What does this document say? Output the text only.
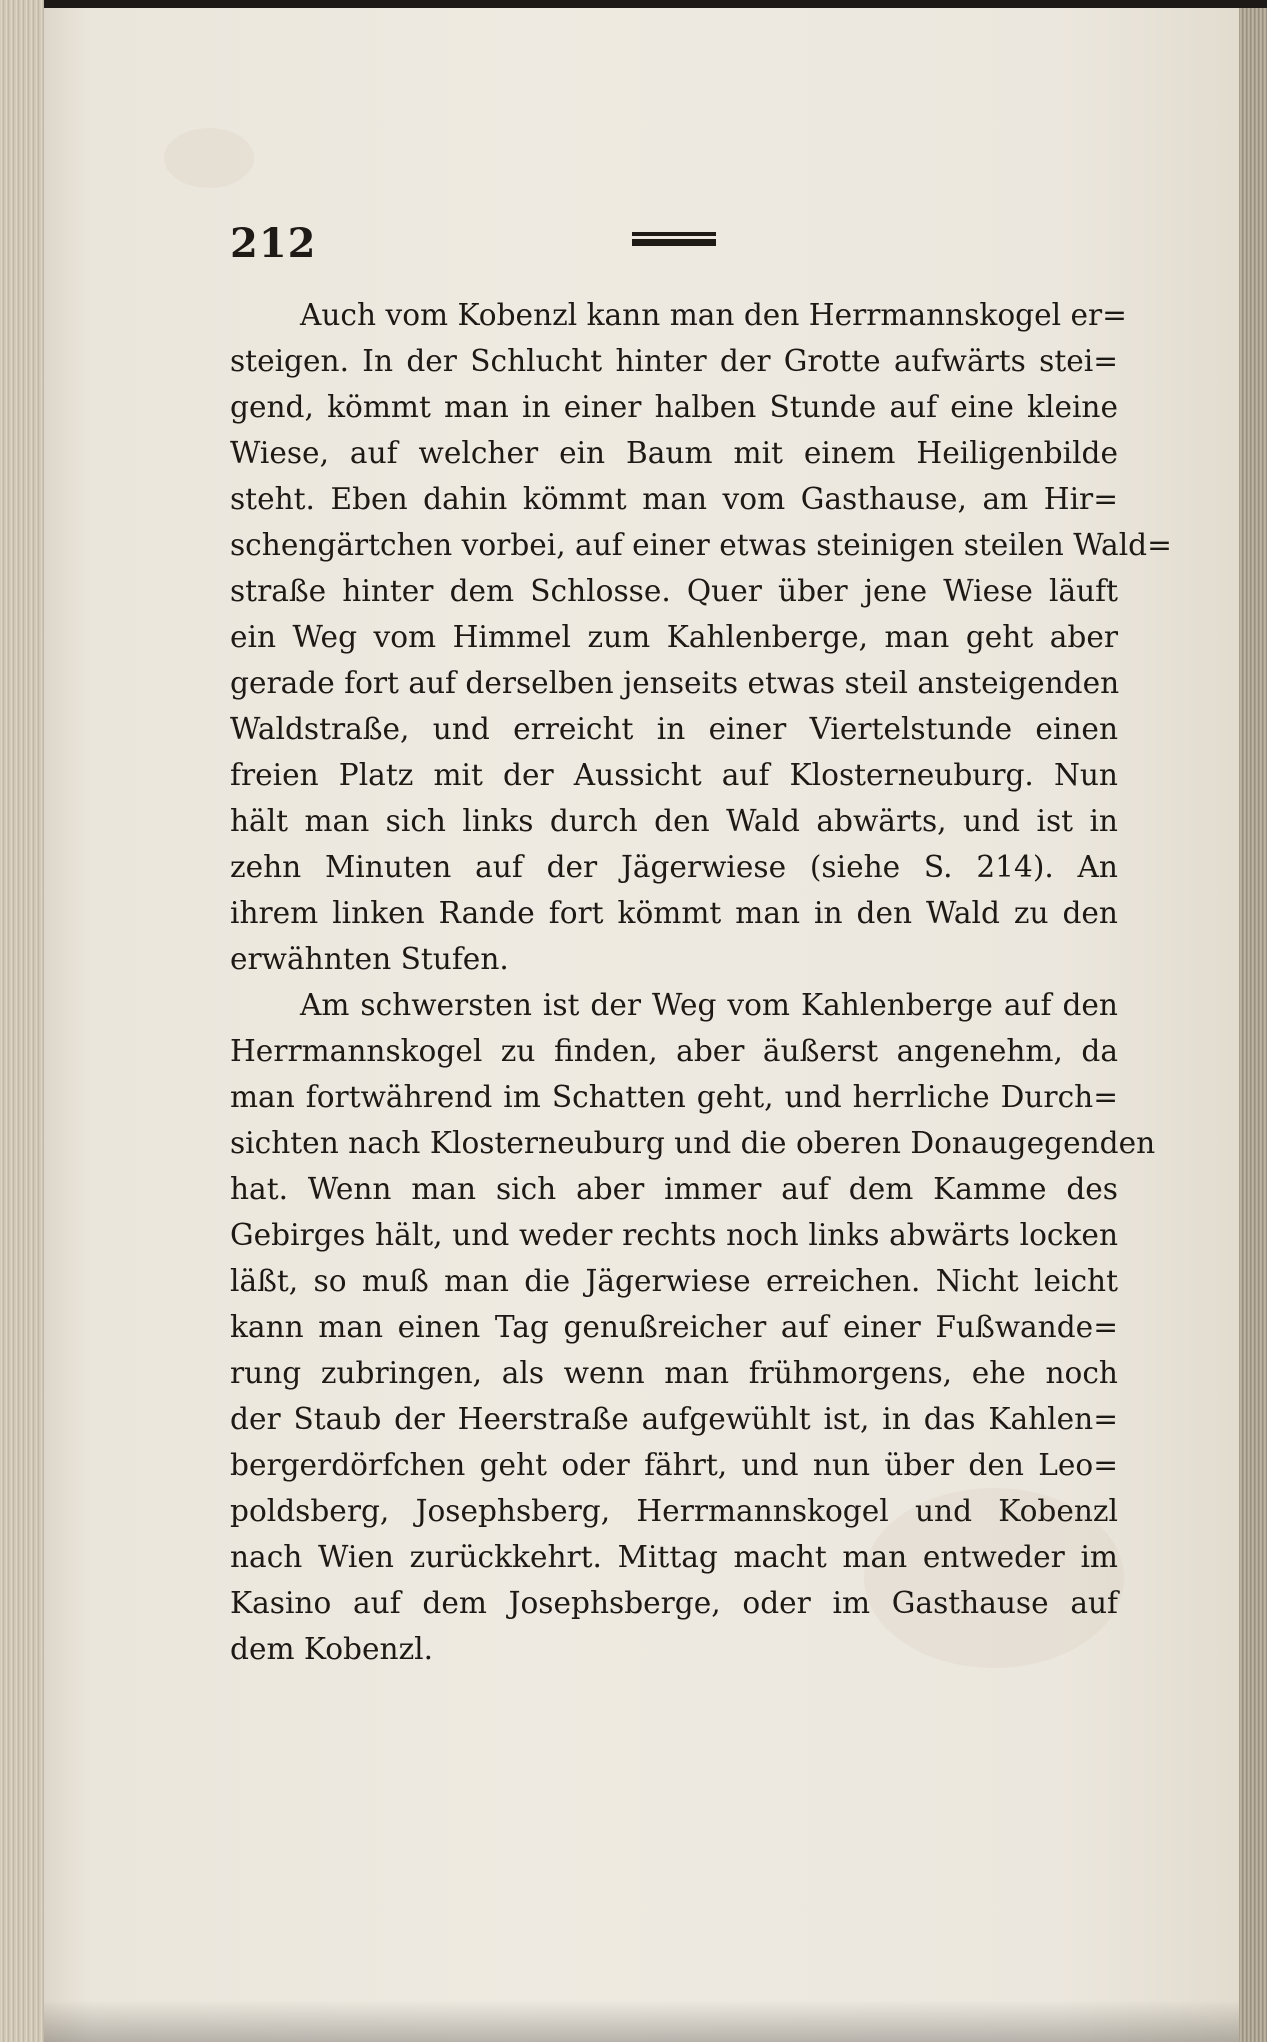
212
Auch vom Kobenzl kann man den Herrmannskogel er=
steigen. In der Schlucht hinter der Grotte aufwärts stei=
gend, kömmt man in einer halben Stunde auf eine kleine
Wiese, auf welcher ein Baum mit einem Heiligenbilde
steht. Eben dahin kömmt man vom Gasthause, am Hir=
schengärtchen vorbei, auf einer etwas steinigen steilen Wald=
straße hinter dem Schlosse. Quer über jene Wiese läuft
ein Weg vom Himmel zum Kahlenberge, man geht aber
gerade fort auf derselben jenseits etwas steil ansteigenden
Waldstraße, und erreicht in einer Viertelstunde einen
freien Platz mit der Aussicht auf Klosterneuburg. Nun
hält man sich links durch den Wald abwärts, und ist in
zehn Minuten auf der Jägerwiese (siehe S. 214). An
ihrem linken Rande fort kömmt man in den Wald zu den
erwähnten Stufen.
Am schwersten ist der Weg vom Kahlenberge auf den
Herrmannskogel zu finden, aber äußerst angenehm, da
man fortwährend im Schatten geht, und herrliche Durch=
sichten nach Klosterneuburg und die oberen Donaugegenden
hat. Wenn man sich aber immer auf dem Kamme des
Gebirges hält, und weder rechts noch links abwärts locken
läßt, so muß man die Jägerwiese erreichen. Nicht leicht
kann man einen Tag genußreicher auf einer Fußwande=
rung zubringen, als wenn man frühmorgens, ehe noch
der Staub der Heerstraße aufgewühlt ist, in das Kahlen=
bergerdörfchen geht oder fährt, und nun über den Leo=
poldsberg, Josephsberg, Herrmannskogel und Kobenzl
nach Wien zurückkehrt. Mittag macht man entweder im
Kasino auf dem Josephsberge, oder im Gasthause auf
dem Kobenzl.
